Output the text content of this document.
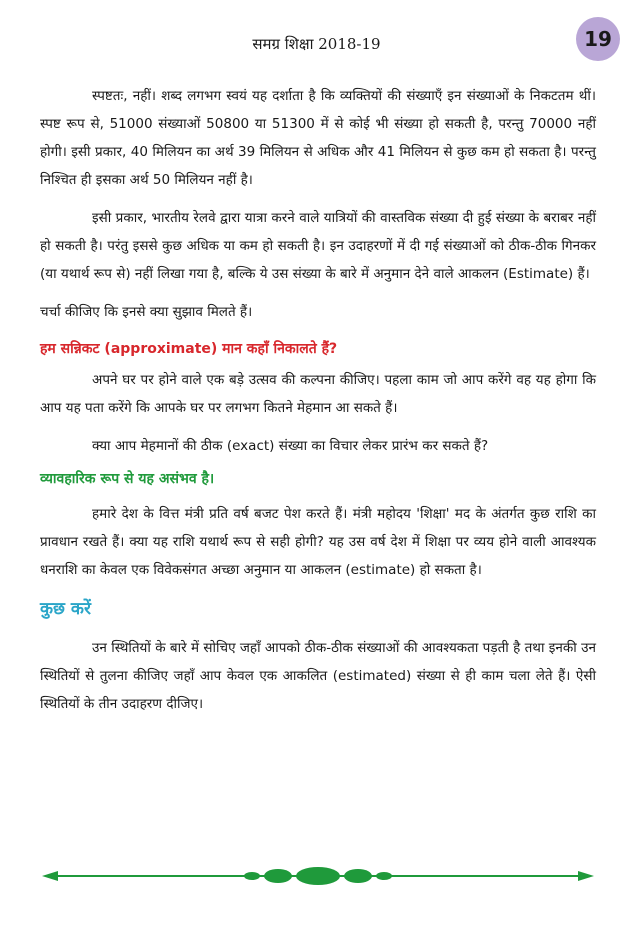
समग्र शिक्षा 2018-19	19

स्पष्टतः, नहीं। शब्द लगभग स्वयं यह दर्शाता है कि व्यक्तियों की संख्याएँ इन संख्याओं के निकटतम थीं। स्पष्ट रूप से, 51000 संख्याओं 50800 या 51300 में से कोई भी संख्या हो सकती है, परन्तु 70000 नहीं होगी। इसी प्रकार, 40 मिलियन का अर्थ 39 मिलियन से अधिक और 41 मिलियन से कुछ कम हो सकता है। परन्तु निश्चित ही इसका अर्थ 50 मिलियन नहीं है।

इसी प्रकार, भारतीय रेलवे द्वारा यात्रा करने वाले यात्रियों की वास्तविक संख्या दी हुई संख्या के बराबर नहीं हो सकती है। परंतु इससे कुछ अधिक या कम हो सकती है। इन उदाहरणों में दी गई संख्याओं को ठीक-ठीक गिनकर (या यथार्थ रूप से) नहीं लिखा गया है, बल्कि ये उस संख्या के बारे में अनुमान देने वाले आकलन (Estimate) हैं।

चर्चा कीजिए कि इनसे क्या सुझाव मिलते हैं।

हम सन्निकट (approximate) मान कहाँ निकालते हैं?

अपने घर पर होने वाले एक बड़े उत्सव की कल्पना कीजिए। पहला काम जो आप करेंगे वह यह होगा कि आप यह पता करेंगे कि आपके घर पर लगभग कितने मेहमान आ सकते हैं।

क्या आप मेहमानों की ठीक (exact) संख्या का विचार लेकर प्रारंभ कर सकते हैं?

व्यावहारिक रूप से यह असंभव है।

हमारे देश के वित्त मंत्री प्रति वर्ष बजट पेश करते हैं। मंत्री महोदय 'शिक्षा' मद के अंतर्गत कुछ राशि का प्रावधान रखते हैं। क्या यह राशि यथार्थ रूप से सही होगी? यह उस वर्ष देश में शिक्षा पर व्यय होने वाली आवश्यक धनराशि का केवल एक विवेकसंगत अच्छा अनुमान या आकलन (estimate) हो सकता है।

कुछ करें

उन स्थितियों के बारे में सोचिए जहाँ आपको ठीक-ठीक संख्याओं की आवश्यकता पड़ती है तथा इनकी उन स्थितियों से तुलना कीजिए जहाँ आप केवल एक आकलित (estimated) संख्या से ही काम चला लेते हैं। ऐसी स्थितियों के तीन उदाहरण दीजिए।
